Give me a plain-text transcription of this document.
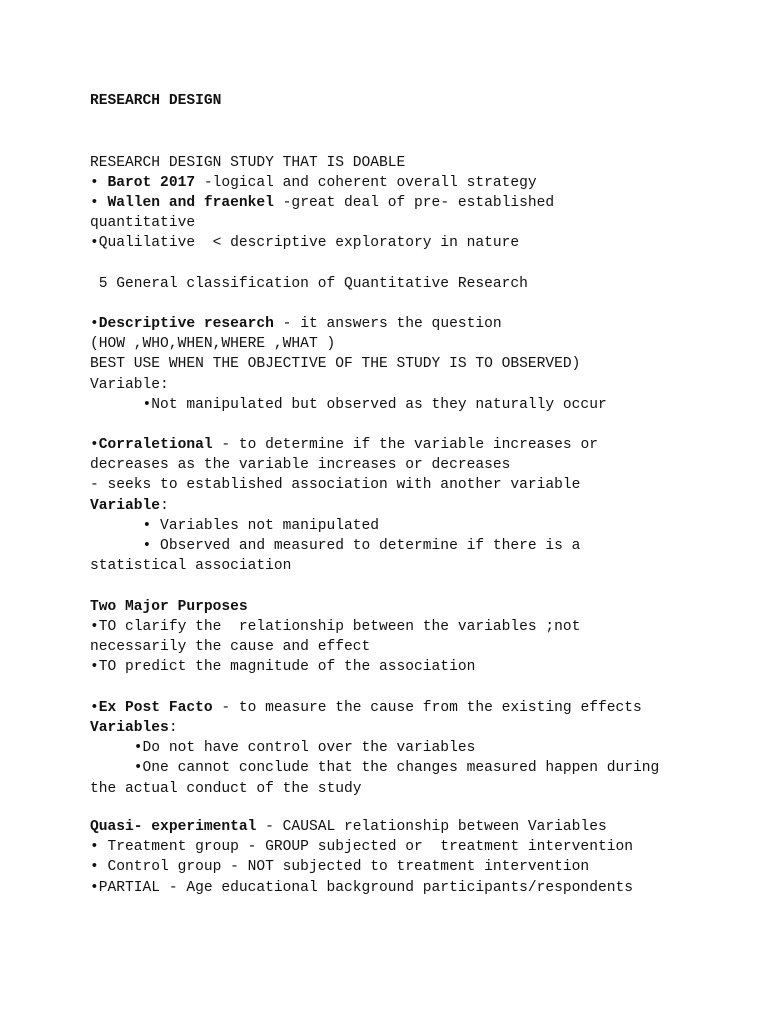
RESEARCH DESIGN
RESEARCH DESIGN STUDY THAT IS DOABLE
• Barot 2017 -logical and coherent overall strategy
• Wallen and fraenkel -great deal of pre- established
quantitative
•Qualilative  < descriptive exploratory in nature
5 General classification of Quantitative Research
•Descriptive research - it answers the question
(HOW ,WHO,WHEN,WHERE ,WHAT )
BEST USE WHEN THE OBJECTIVE OF THE STUDY IS TO OBSERVED)
Variable:
•Not manipulated but observed as they naturally occur
•Corraletional - to determine if the variable increases or
decreases as the variable increases or decreases
- seeks to established association with another variable
Variable:
• Variables not manipulated
• Observed and measured to determine if there is a
statistical association
Two Major Purposes
•TO clarify the  relationship between the variables ;not
necessarily the cause and effect
•TO predict the magnitude of the association
•Ex Post Facto - to measure the cause from the existing effects
Variables:
•Do not have control over the variables
•One cannot conclude that the changes measured happen during
the actual conduct of the study
Quasi- experimental - CAUSAL relationship between Variables
• Treatment group - GROUP subjected or  treatment intervention
• Control group - NOT subjected to treatment intervention
•PARTIAL - Age educational background participants/respondents
